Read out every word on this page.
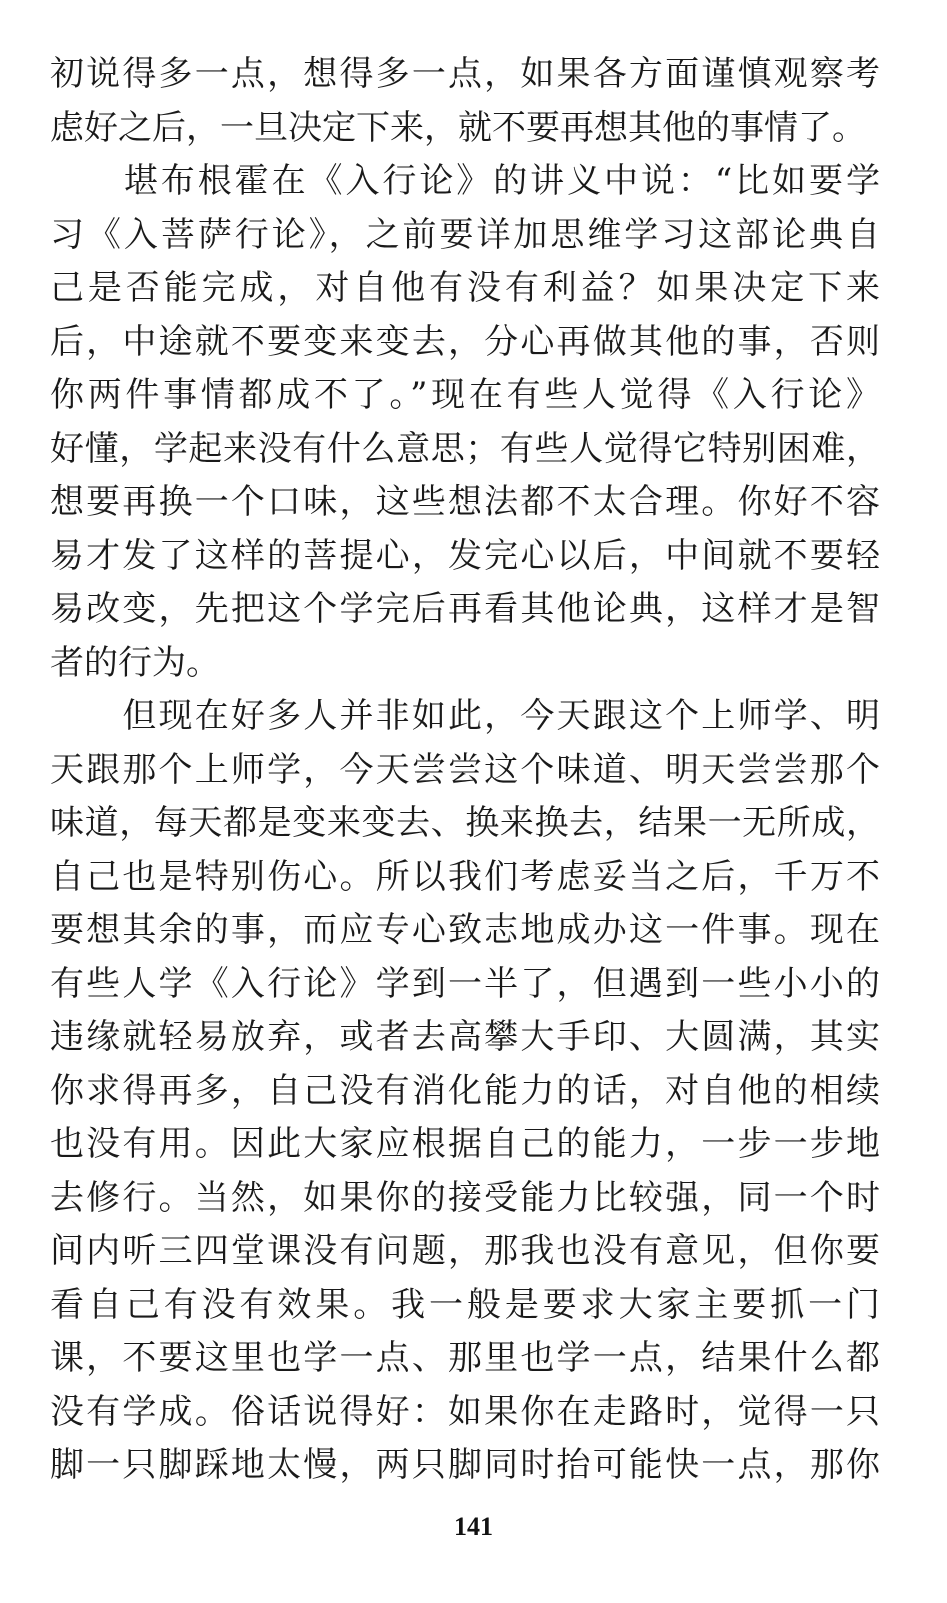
初说得多一点，想得多一点，如果各方面谨慎观察考
虑好之后，一旦决定下来，就不要再想其他的事情了。
　　堪布根霍在《入行论》的讲义中说：“比如要学
习《入菩萨行论》，之前要详加思维学习这部论典自
己是否能完成，对自他有没有利益？如果决定下来
后，中途就不要变来变去，分心再做其他的事，否则
你两件事情都成不了。”现在有些人觉得《入行论》
好懂，学起来没有什么意思；有些人觉得它特别困难，
想要再换一个口味，这些想法都不太合理。你好不容
易才发了这样的菩提心，发完心以后，中间就不要轻
易改变，先把这个学完后再看其他论典，这样才是智
者的行为。
　　但现在好多人并非如此，今天跟这个上师学、明
天跟那个上师学，今天尝尝这个味道、明天尝尝那个
味道，每天都是变来变去、换来换去，结果一无所成，
自己也是特别伤心。所以我们考虑妥当之后，千万不
要想其余的事，而应专心致志地成办这一件事。现在
有些人学《入行论》学到一半了，但遇到一些小小的
违缘就轻易放弃，或者去高攀大手印、大圆满，其实
你求得再多，自己没有消化能力的话，对自他的相续
也没有用。因此大家应根据自己的能力，一步一步地
去修行。当然，如果你的接受能力比较强，同一个时
间内听三四堂课没有问题，那我也没有意见，但你要
看自己有没有效果。我一般是要求大家主要抓一门
课，不要这里也学一点、那里也学一点，结果什么都
没有学成。俗话说得好：如果你在走路时，觉得一只
脚一只脚踩地太慢，两只脚同时抬可能快一点，那你
141
